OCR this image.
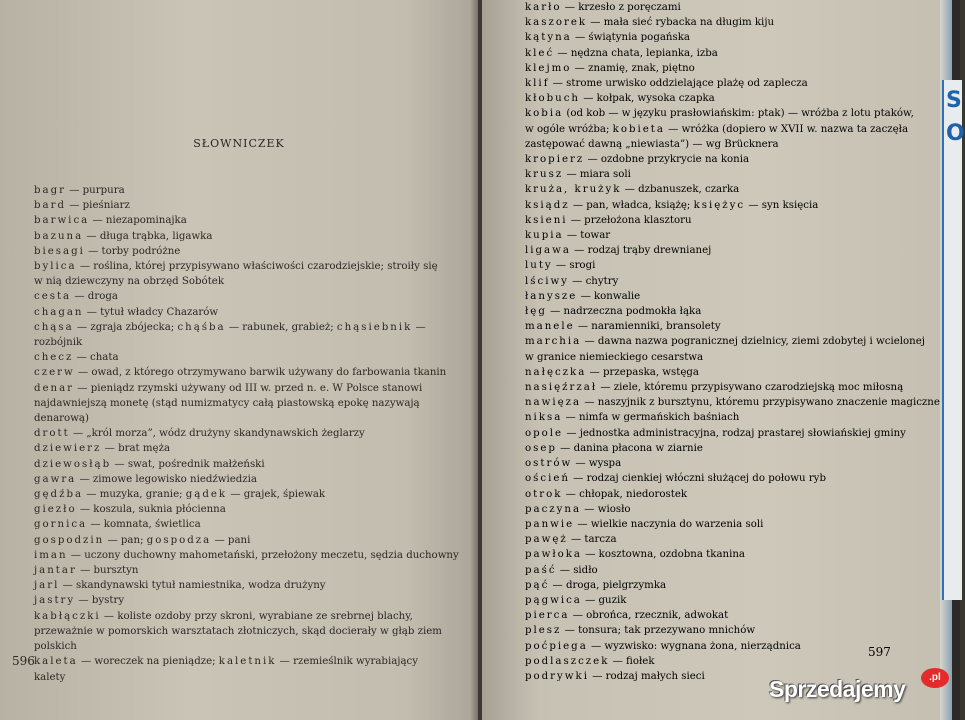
SŁOWNICZEK
bagr — purpura
bard — pieśniarz
barwica — niezapominajka
bazuna — długa trąbka, ligawka
biesagi — torby podróżne
bylica — roślina, której przypisywano właściwości czarodziejskie; stroiły się w nią dziewczyny na obrzęd Sobótek
cesta — droga
chagan — tytuł władcy Chazarów
chąsa — zgraja zbójecka; chąśba — rabunek, grabież; chąsiebnik — rozbójnik
checz — chata
czerw — owad, z którego otrzymywano barwik używany do farbowania tkanin
denar — pieniądz rzymski używany od III w. przed n. e. W Polsce stanowi najdawniejszą monetę (stąd numizmatycy całą piastowską epokę nazywają denarową)
drott — „król morza”, wódz drużyny skandynawskich żeglarzy
dziewierz — brat męża
dziewosłąb — swat, pośrednik małżeński
gawra — zimowe legowisko niedźwiedzia
gędźba — muzyka, granie; gądek — grajek, śpiewak
giezło — koszula, suknia płócienna
gornica — komnata, świetlica
gospodzin — pan; gospodza — pani
iman — uczony duchowny mahometański, przełożony meczetu, sędzia duchowny
jantar — bursztyn
jarl — skandynawski tytuł namiestnika, wodza drużyny
jastry — bystry
kabłączki — koliste ozdoby przy skroni, wyrabiane ze srebrnej blachy, przeważnie w pomorskich warsztatach złotniczych, skąd docierały w głąb ziem polskich
kaleta — woreczek na pieniądze; kaletnik — rzemieślnik wyrabiający kalety
596
karło — krzesło z poręczami
kaszorek — mała sieć rybacka na długim kiju
kątyna — świątynia pogańska
kleć — nędzna chata, lepianka, izba
klejmo — znamię, znak, piętno
klif — strome urwisko oddzielające plażę od zaplecza
kłobuch — kołpak, wysoka czapka
kobia (od kob — w języku prasłowiańskim: ptak) — wróżba z lotu ptaków, w ogóle wróżba; kobieta — wróżka (dopiero w XVII w. nazwa ta zaczęła zastępować dawną „niewiasta”) — wg Brücknera
kropierz — ozdobne przykrycie na konia
krusz — miara soli
kruża, krużyk — dzbanuszek, czarka
ksiądz — pan, władca, książę; księżyc — syn księcia
ksieni — przełożona klasztoru
kupia — towar
ligawa — rodzaj trąby drewnianej
luty — srogi
lściwy — chytry
łanysze — konwalie
łęg — nadrzeczna podmokła łąka
manele — naramienniki, bransolety
marchia — dawna nazwa pogranicznej dzielnicy, ziemi zdobytej i wcielonej w granice niemieckiego cesarstwa
nałęczka — przepaska, wstęga
nasięźrzał — ziele, któremu przypisywano czarodziejską moc miłosną
nawięza — naszyjnik z bursztynu, któremu przypisywano znaczenie magiczne
niksa — nimfa w germańskich baśniach
opole — jednostka administracyjna, rodzaj prastarej słowiańskiej gminy
osep — danina płacona w ziarnie
ostrów — wyspa
oścień — rodzaj cienkiej włóczni służącej do połowu ryb
otrok — chłopak, niedorostek
paczyna — wiosło
panwie — wielkie naczynia do warzenia soli
pawęż — tarcza
pawłoka — kosztowna, ozdobna tkanina
paść — sidło
pąć — droga, pielgrzymka
pągwica — guzik
pierca — obrońca, rzecznik, adwokat
plesz — tonsura; tak przezywano mnichów
poćpiega — wyzwisko: wygnana żona, nierządnica
podlaszczek — fiołek
podrywki — rodzaj małych sieci
597
S
O
Sprzedajemy	.pl
